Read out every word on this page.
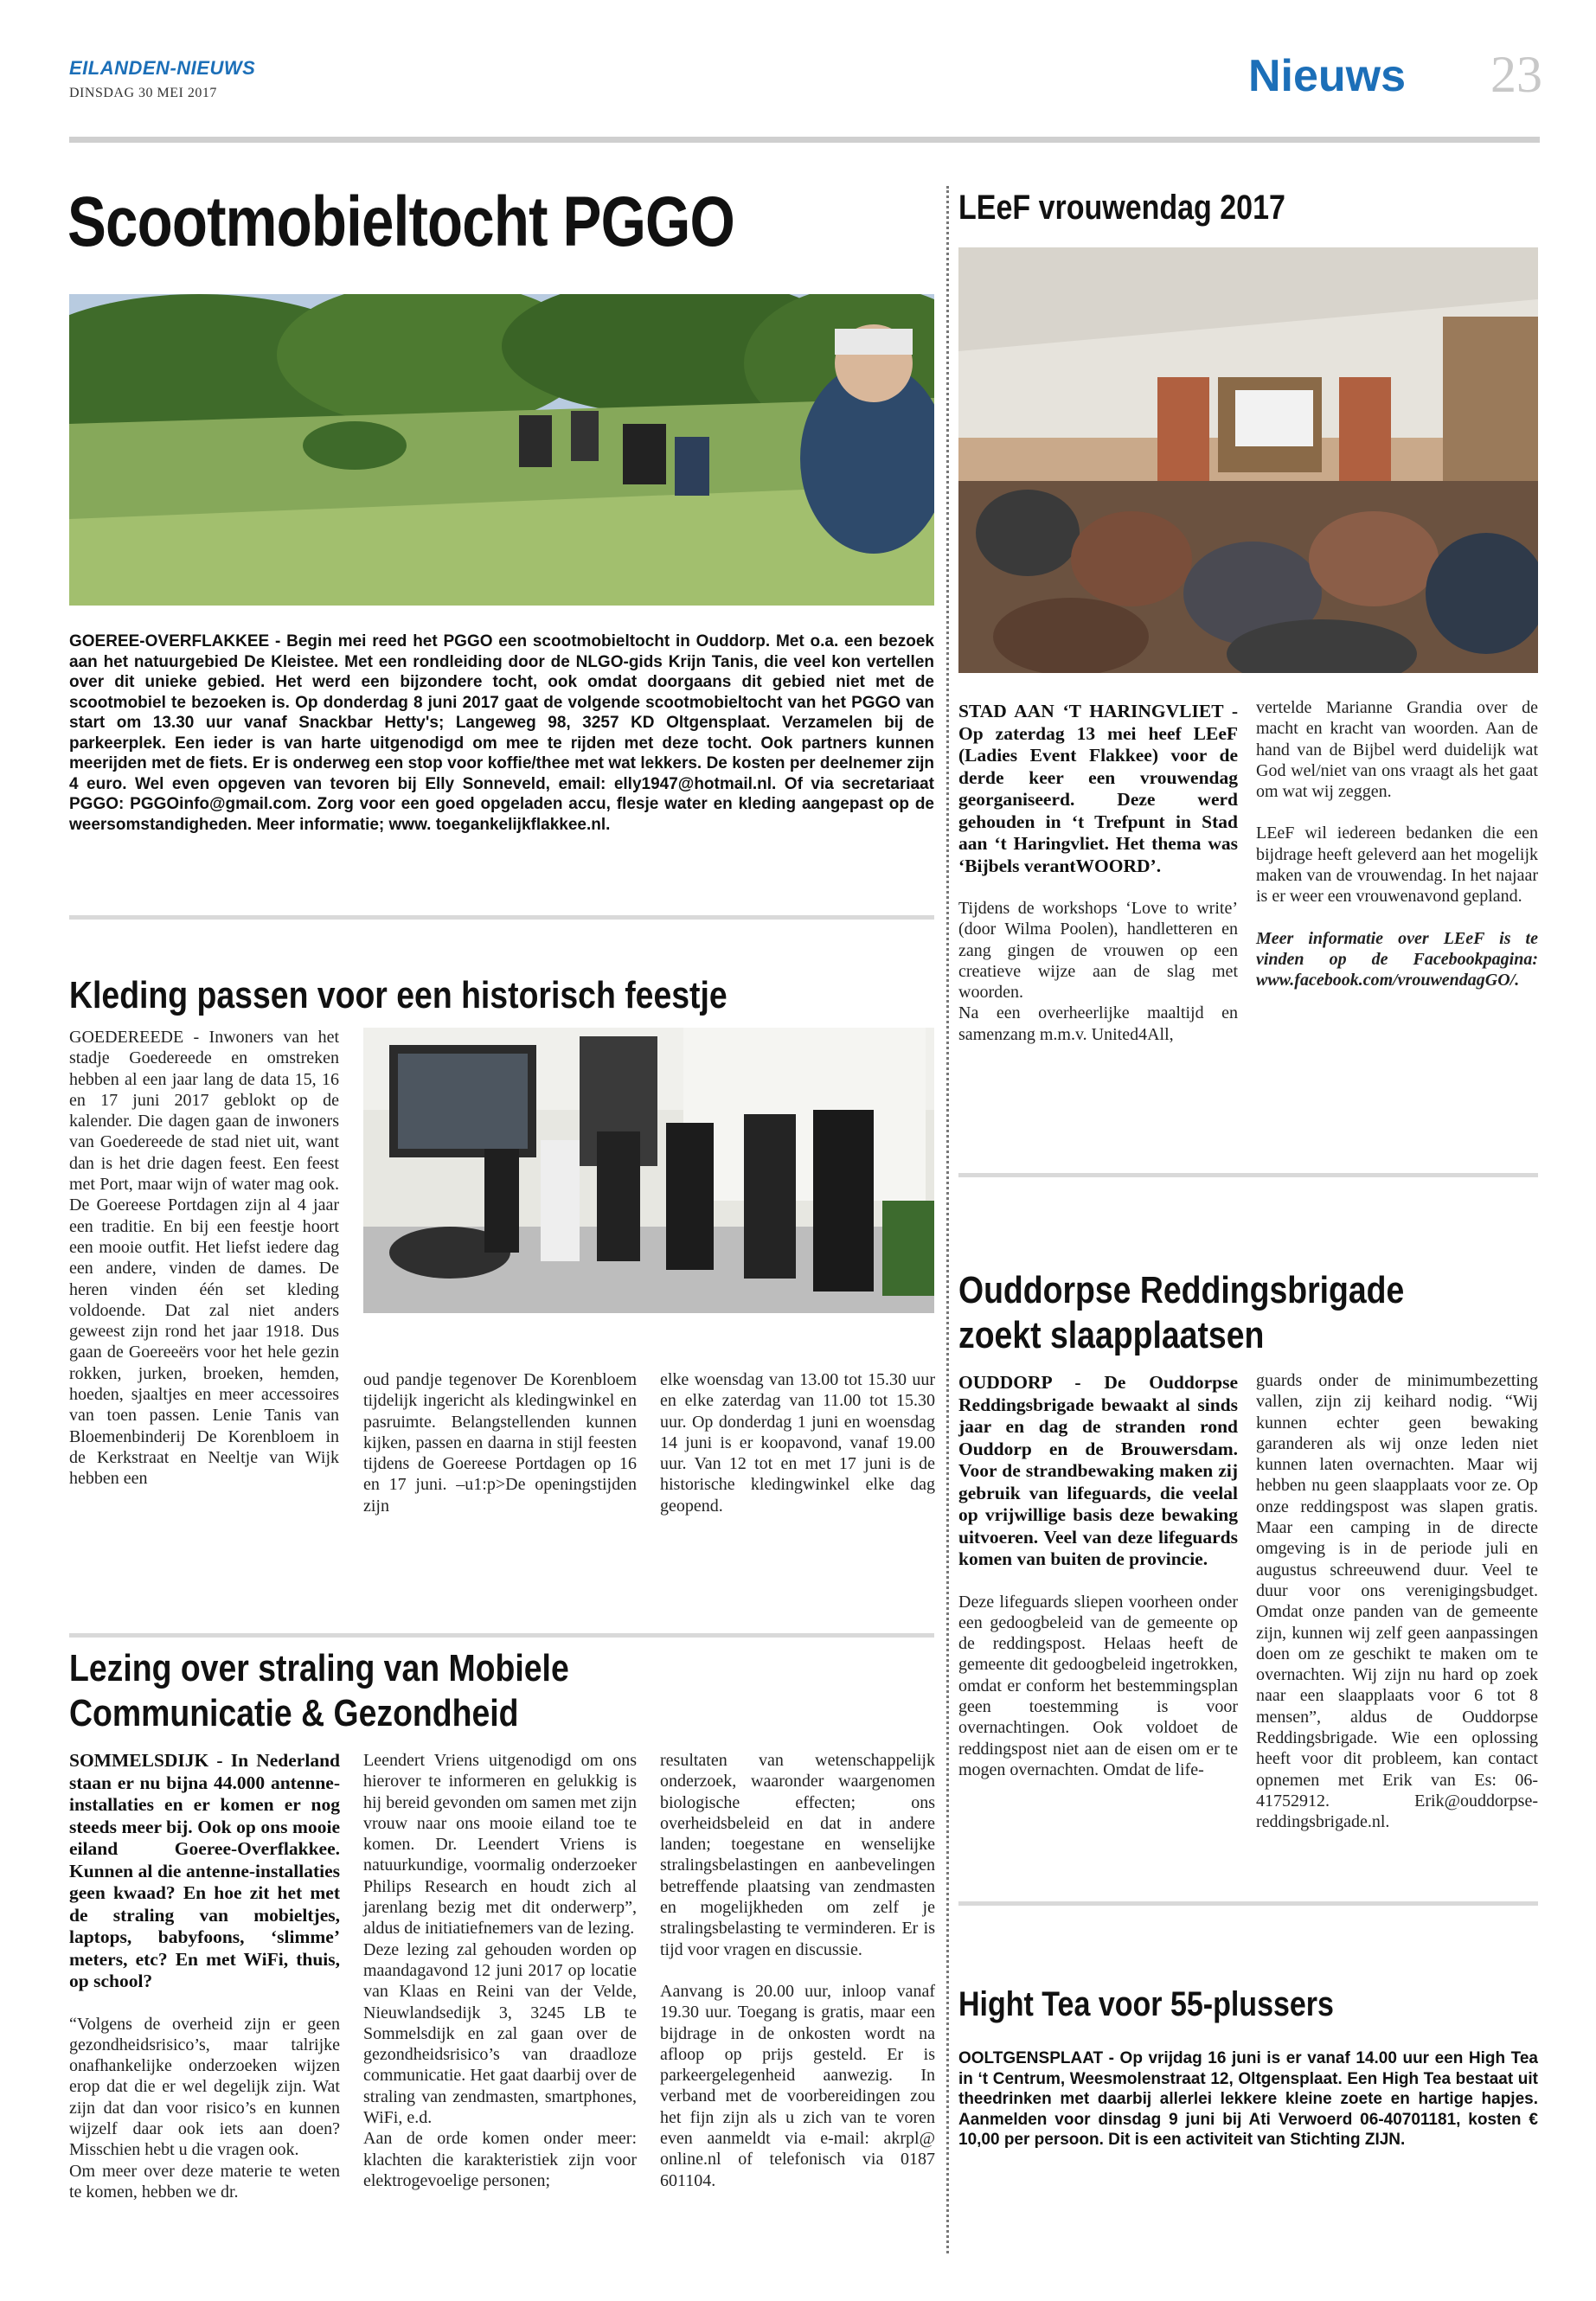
EILANDEN-NIEUWS
DINSDAG 30 MEI 2017	Nieuws 23
Scootmobieltocht PGGO
GOEREE-OVERFLAKKEE - Begin mei reed het PGGO een scootmobieltocht in Ouddorp. Met o.a. een bezoek aan het natuurgebied De Kleistee. Met een rondleiding door de NLGO-gids Krijn Tanis, die veel kon vertellen over dit unieke gebied. Het werd een bijzondere tocht, ook omdat doorgaans dit gebied niet met de scootmobiel te bezoeken is. Op donderdag 8 juni 2017 gaat de volgende scootmobieltocht van het PGGO van start om 13.30 uur vanaf Snackbar Hetty's; Langeweg 98, 3257 KD Oltgensplaat. Verzamelen bij de parkeerplek. Een ieder is van harte uitgenodigd om mee te rijden met deze tocht. Ook partners kunnen meerijden met de fiets. Er is onderweg een stop voor koffie/thee met wat lekkers. De kosten per deelnemer zijn 4 euro. Wel even opgeven van tevoren bij Elly Sonneveld, email: elly1947@hotmail.nl. Of via secretariaat PGGO: PGGOinfo@gmail.com. Zorg voor een goed opgeladen accu, flesje water en kleding aangepast op de weersomstandigheden. Meer informatie; www. toegankelijkflakkee.nl.
Kleding passen voor een historisch feestje
GOEDEREEDE - Inwoners van het stadje Goedereede en omstreken hebben al een jaar lang de data 15, 16 en 17 juni 2017 geblokt op de kalender. Die dagen gaan de inwoners van Goedereede de stad niet uit, want dan is het drie dagen feest. Een feest met Port, maar wijn of water mag ook. De Goereese Portdagen zijn al 4 jaar een traditie. En bij een feestje hoort een mooie outfit. Het liefst iedere dag een andere, vinden de dames. De heren vinden één set kleding voldoende. Dat zal niet anders geweest zijn rond het jaar 1918. Dus gaan de Goereeërs voor het hele gezin rokken, jurken, broeken, hemden, hoeden, sjaaltjes en meer accessoires van toen passen. Lenie Tanis van Bloemenbinderij De Korenbloem in de Kerkstraat en Neeltje van Wijk hebben een
oud pandje tegenover De Korenbloem tijdelijk ingericht als kledingwinkel en pasruimte. Belangstellenden kunnen kijken, passen en daarna in stijl feesten tijdens de Goereese Portdagen op 16 en 17 juni. –u1:p>De openingstijden zijn
elke woensdag van 13.00 tot 15.30 uur en elke zaterdag van 11.00 tot 15.30 uur. Op donderdag 1 juni en woensdag 14 juni is er koopavond, vanaf 19.00 uur. Van 12 tot en met 17 juni is de historische kledingwinkel elke dag geopend.
Lezing over straling van Mobiele
Communicatie & Gezondheid
SOMMELSDIJK - In Nederland staan er nu bijna 44.000 antenne-installaties en er komen er nog steeds meer bij. Ook op ons mooie eiland Goeree-Overflakkee. Kunnen al die antenne-installaties geen kwaad? En hoe zit het met de straling van mobieltjes, laptops, babyfoons, ‘slimme’ meters, etc? En met WiFi, thuis, op school?
“Volgens de overheid zijn er geen gezondheidsrisico’s, maar talrijke onafhankelijke onderzoeken wijzen erop dat die er wel degelijk zijn. Wat zijn dat dan voor risico’s en kunnen wijzelf daar ook iets aan doen? Misschien hebt u die vragen ook.
Om meer over deze materie te weten te komen, hebben we dr.
Leendert Vriens uitgenodigd om ons hierover te informeren en gelukkig is hij bereid gevonden om samen met zijn vrouw naar ons mooie eiland toe te komen. Dr. Leendert Vriens is natuurkundige, voormalig onderzoeker Philips Research en houdt zich al jarenlang bezig met dit onderwerp”, aldus de initiatiefnemers van de lezing.
Deze lezing zal gehouden worden op maandagavond 12 juni 2017 op locatie van Klaas en Reini van der Velde, Nieuwlandsedijk 3, 3245 LB te Sommelsdijk en zal gaan over de gezondheidsrisico’s van draadloze communicatie. Het gaat daarbij over de straling van zendmasten, smartphones, WiFi, e.d.
Aan de orde komen onder meer: klachten die karakteristiek zijn voor elektrogevoelige personen;
resultaten van wetenschappelijk onderzoek, waaronder waargenomen biologische effecten; ons overheidsbeleid en dat in andere landen; toegestane en wenselijke stralingsbelastingen en aanbevelingen betreffende plaatsing van zendmasten en mogelijkheden om zelf je stralingsbelasting te verminderen. Er is tijd voor vragen en discussie.
Aanvang is 20.00 uur, inloop vanaf 19.30 uur. Toegang is gratis, maar een bijdrage in de onkosten wordt na afloop op prijs gesteld. Er is parkeergelegenheid aanwezig. In verband met de voorbereidingen zou het fijn zijn als u zich van te voren even aanmeldt via e-mail: akrpl@ online.nl of telefonisch via 0187 601104.
LEeF vrouwendag 2017
STAD AAN ‘T HARINGVLIET - Op zaterdag 13 mei heef LEeF (Ladies Event Flakkee) voor de derde keer een vrouwendag georganiseerd. Deze werd gehouden in ‘t Trefpunt in Stad aan ‘t Haringvliet. Het thema was ‘Bijbels verantWOORD’.
Tijdens de workshops ‘Love to write’ (door Wilma Poolen), handletteren en zang gingen de vrouwen op een creatieve wijze aan de slag met woorden.
Na een overheerlijke maaltijd en samenzang m.m.v. United4All,
vertelde Marianne Grandia over de macht en kracht van woorden. Aan de hand van de Bijbel werd duidelijk wat God wel/niet van ons vraagt als het gaat om wat wij zeggen.
LEeF wil iedereen bedanken die een bijdrage heeft geleverd aan het mogelijk maken van de vrouwendag. In het najaar is er weer een vrouwenavond gepland.
Meer informatie over LEeF is te vinden op de Facebookpagina: www.facebook.com/vrouwendagGO/.
Ouddorpse Reddingsbrigade
zoekt slaapplaatsen
OUDDORP - De Ouddorpse Reddingsbrigade bewaakt al sinds jaar en dag de stranden rond Ouddorp en de Brouwersdam. Voor de strandbewaking maken zij gebruik van lifeguards, die veelal op vrijwillige basis deze bewaking uitvoeren. Veel van deze lifeguards komen van buiten de provincie.
Deze lifeguards sliepen voorheen onder een gedoogbeleid van de gemeente op de reddingspost. Helaas heeft de gemeente dit gedoogbeleid ingetrokken, omdat er conform het bestemmingsplan geen toestemming is voor overnachtingen. Ook voldoet de reddingspost niet aan de eisen om er te mogen overnachten. Omdat de life-
guards onder de minimumbezetting vallen, zijn zij keihard nodig. “Wij kunnen echter geen bewaking garanderen als wij onze leden niet kunnen laten overnachten. Maar wij hebben nu geen slaapplaats voor ze. Op onze reddingspost was slapen gratis. Maar een camping in de directe omgeving is in de periode juli en augustus schreeuwend duur. Veel te duur voor ons verenigingsbudget. Omdat onze panden van de gemeente zijn, kunnen wij zelf geen aanpassingen doen om ze geschikt te maken om te overnachten. Wij zijn nu hard op zoek naar een slaapplaats voor 6 tot 8 mensen”, aldus de Ouddorpse Reddingsbrigade. Wie een oplossing heeft voor dit probleem, kan contact opnemen met Erik van Es: 06-41752912. Erik@ouddorpse-reddingsbrigade.nl.
Hight Tea voor 55-plussers
OOLTGENSPLAAT - Op vrijdag 16 juni is er vanaf 14.00 uur een High Tea in ‘t Centrum, Weesmolenstraat 12, Oltgensplaat. Een High Tea bestaat uit theedrinken met daarbij allerlei lekkere kleine zoete en hartige hapjes. Aanmelden voor dinsdag 9 juni bij Ati Verwoerd 06-40701181, kosten € 10,00 per persoon. Dit is een activiteit van Stichting ZIJN.
